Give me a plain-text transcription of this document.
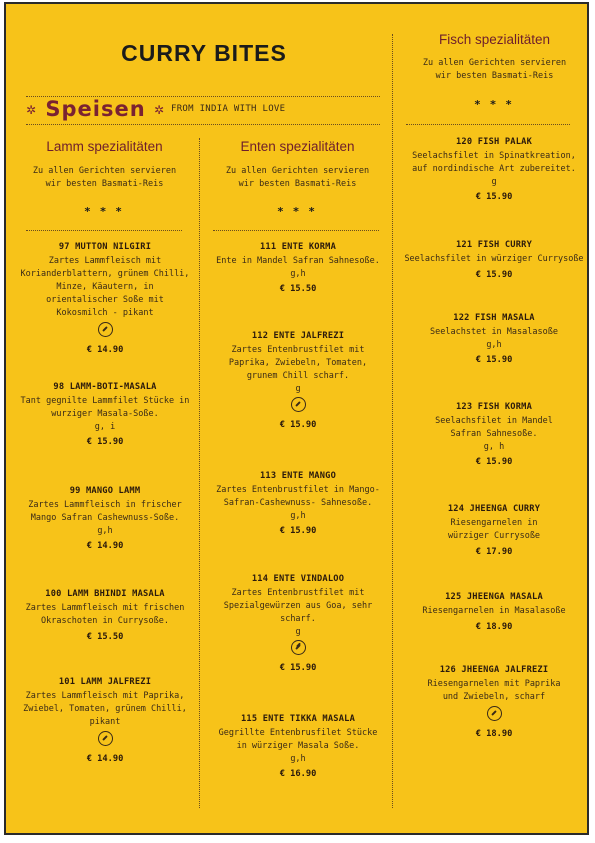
CURRY BITES
✲ Speisen ✲ FROM INDIA WITH LOVE
Lamm spezialitäten
Zu allen Gerichten servieren wir besten Basmati-Reis
* * *
97 MUTTON NILGIRI
Zartes Lammfleisch mit Korianderblattern, grünem Chilli, Minze, Käautern, in orientalischer Soße mit Kokosmilch - pikant
€ 14.90
98 LAMM-BOTI-MASALA
Tant gegnilte Lammfilet Stücke in wurziger Masala-Soße.
g, i
€ 15.90
99 MANGO LAMM
Zartes Lammfleisch in frischer Mango Safran Cashewnuss-Soße.
g,h
€ 14.90
100 LAMM BHINDI MASALA
Zartes Lammfleisch mit frischen Okraschoten in Currysoße.
€ 15.50
101 LAMM JALFREZI
Zartes Lammfleisch mit Paprika, Zwiebel, Tomaten, grünem Chilli, pikant
€ 14.90
Enten spezialitäten
Zu allen Gerichten servieren wir besten Basmati-Reis
* * *
111 ENTE KORMA
Ente in Mandel Safran Sahnesoße.
g,h
€ 15.50
112 ENTE JALFREZI
Zartes Entenbrustfilet mit Paprika, Zwiebeln, Tomaten, grunem Chill scharf.
g
€ 15.90
113 ENTE MANGO
Zartes Entenbrustfilet in Mango-Safran-Cashewnuss- Sahnesoße.
g,h
€ 15.90
114 ENTE VINDALOO
Zartes Entenbrustfilet mit Spezialgewürzen aus Goa, sehr scharf.
g
€ 15.90
115 ENTE TIKKA MASALA
Gegrillte Entenbrusfilet Stücke in würziger Masala Soße.
g,h
€ 16.90
Fisch spezialitäten
Zu allen Gerichten servieren wir besten Basmati-Reis
* * *
120 FISH PALAK
Seelachsfilet in Spinatkreation, auf nordindische Art zubereitet.
g
€ 15.90
121 FISH CURRY
Seelachsfilet in würziger Currysoße
€ 15.90
122 FISH MASALA
Seelachstet in Masalasoße
g,h
€ 15.90
123 FISH KORMA
Seelachsfilet in Mandel Safran Sahnesoße.
g, h
€ 15.90
124 JHEENGA CURRY
Riesengarnelen in würziger Currysoße
€ 17.90
125 JHEENGA MASALA
Riesengarnelen in Masalasoße
€ 18.90
126 JHEENGA JALFREZI
Riesengarnelen mit Paprika und Zwiebeln, scharf
€ 18.90
